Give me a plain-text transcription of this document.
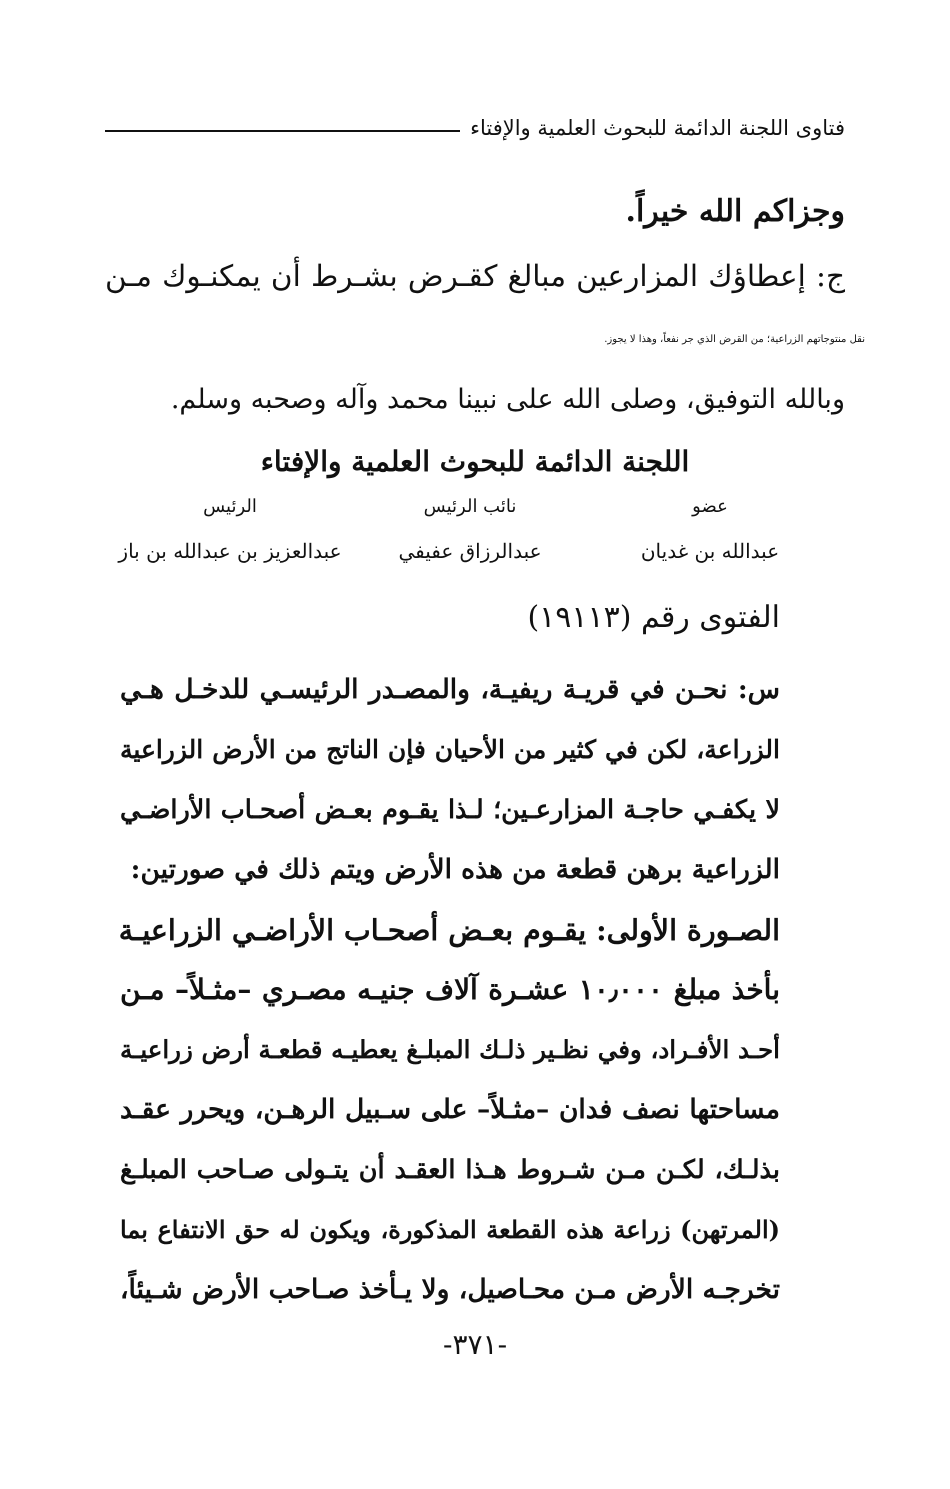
فتاوى اللجنة الدائمة للبحوث العلمية والإفتاء
وجزاكم الله خيراً.
ج: إعطاؤك المزارعين مبالغ كقـرض بشـرط أن يمكنـوك مـن
نقل منتوجاتهم الزراعية؛ من القرض الذي جر نفعاً، وهذا لا يجوز.
وبالله التوفيق، وصلى الله على نبينا محمد وآله وصحبه وسلم.
اللجنة الدائمة للبحوث العلمية والإفتاء
عضو
عبدالله بن غديان
نائب الرئيس
عبدالرزاق عفيفي
الرئيس
عبدالعزيز بن عبدالله بن باز
الفتوى رقم (١٩١١٣)
س: نحـن في قريـة ريفيـة، والمصـدر الرئيسـي للدخـل هـي
الزراعة، لكن في كثير من الأحيان فإن الناتج من الأرض الزراعية
لا يكفـي حاجـة المزارعـين؛ لـذا يقـوم بعـض أصحـاب الأراضـي
الزراعية برهن قطعة من هذه الأرض ويتم ذلك في صورتين:
الصـورة الأولى: يقـوم بعـض أصحـاب الأراضـي الزراعيـة
بأخذ مبلغ ١٠٫٠٠٠ عشـرة آلاف جنيـه مصـري –مثـلاً– مـن
أحـد الأفـراد، وفي نظـير ذلـك المبلـغ يعطيـه قطعـة أرض زراعيـة
مساحتها نصف فدان –مثـلاً– على سـبيل الرهـن، ويحرر عقـد
بذلـك، لكـن مـن شـروط هـذا العقـد أن يتـولى صـاحب المبلـغ
(المرتهن) زراعة هذه القطعة المذكورة، ويكون له حق الانتفاع بما
تخرجـه الأرض مـن محـاصيل، ولا يـأخذ صـاحب الأرض شـيئاً،
-٣٧١-
